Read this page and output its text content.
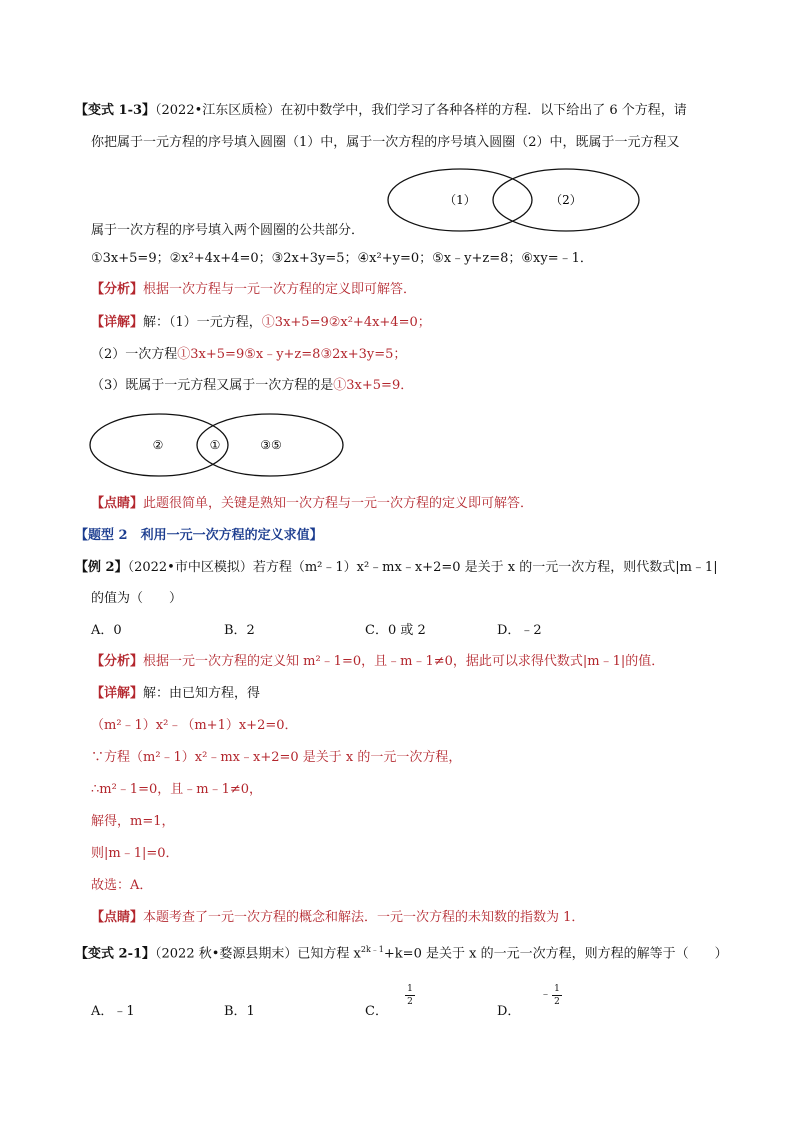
【变式 1-3】（2022•江东区质检）在初中数学中，我们学习了各种各样的方程．以下给出了 6 个方程，请
你把属于一元方程的序号填入圆圈（1）中，属于一次方程的序号填入圆圈（2）中，既属于一元方程又
（1）	（2）
属于一次方程的序号填入两个圆圈的公共部分．
①3x+5=9；②x²+4x+4=0；③2x+3y=5；④x²+y=0；⑤x﹣y+z=8；⑥xy=﹣1．
【分析】根据一次方程与一元一次方程的定义即可解答．
【详解】解：（1）一元方程，①3x+5=9②x²+4x+4=0；
（2）一次方程①3x+5=9⑤x﹣y+z=8③2x+3y=5；
（3）既属于一元方程又属于一次方程的是①3x+5=9．
②	①	③⑤
【点睛】此题很简单，关键是熟知一次方程与一元一次方程的定义即可解答．
【题型 2　利用一元一次方程的定义求值】
【例 2】（2022•市中区模拟）若方程（m²﹣1）x²﹣mx﹣x+2=0 是关于 x 的一元一次方程，则代数式|m﹣1|
的值为（　　）
A．0	B．2	C．0 或 2	D．﹣2
【分析】根据一元一次方程的定义知 m²﹣1=0，且﹣m﹣1≠0，据此可以求得代数式|m﹣1|的值．
【详解】解：由已知方程，得
（m²﹣1）x²﹣（m+1）x+2=0．
∵方程（m²﹣1）x²﹣mx﹣x+2=0 是关于 x 的一元一次方程，
∴m²﹣1=0，且﹣m﹣1≠0，
解得，m=1，
则|m﹣1|=0．
故选：A．
【点睛】本题考查了一元一次方程的概念和解法．一元一次方程的未知数的指数为 1．
【变式 2-1】（2022 秋•婺源县期末）已知方程 $x^{2k﹣1}+k=0$ 是关于 x 的一元一次方程，则方程的解等于（　　）
A．﹣1	B．1	C．
1
2
D．
﹣ 1
2
